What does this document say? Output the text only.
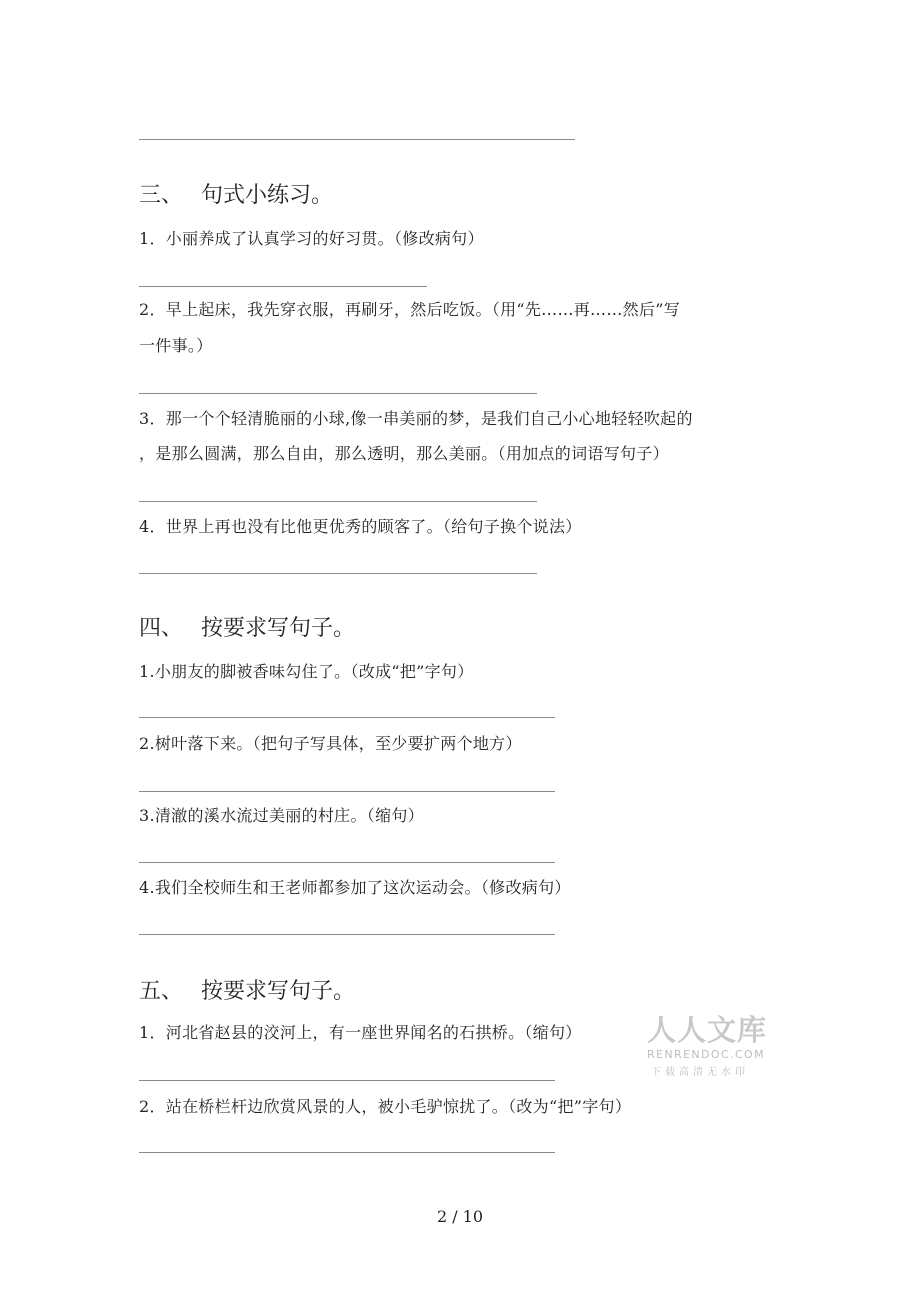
三、 句式小练习。
1．小丽养成了认真学习的好习贯。（修改病句）
2．早上起床，我先穿衣服，再刷牙，然后吃饭。（用“先……再……然后”写
一件事。）
3．那一个个轻清脆丽的小球,像一串美丽的梦，是我们自己小心地轻轻吹起的
，是那么圆满，那么自由，那么透明，那么美丽。（用加点的词语写句子）
4．世界上再也没有比他更优秀的顾客了。（给句子换个说法）
四、 按要求写句子。
1.小朋友的脚被香味勾住了。（改成“把”字句）
2.树叶落下来。（把句子写具体，至少要扩两个地方）
3.清澈的溪水流过美丽的村庄。（缩句）
4.我们全校师生和王老师都参加了这次运动会。（修改病句）
五、 按要求写句子。
1．河北省赵县的洨河上，有一座世界闻名的石拱桥。（缩句）
2．站在桥栏杆边欣赏风景的人，被小毛驴惊扰了。（改为“把”字句）
人人文库
RENRENDOC.COM
下载高清无水印
2 / 10
